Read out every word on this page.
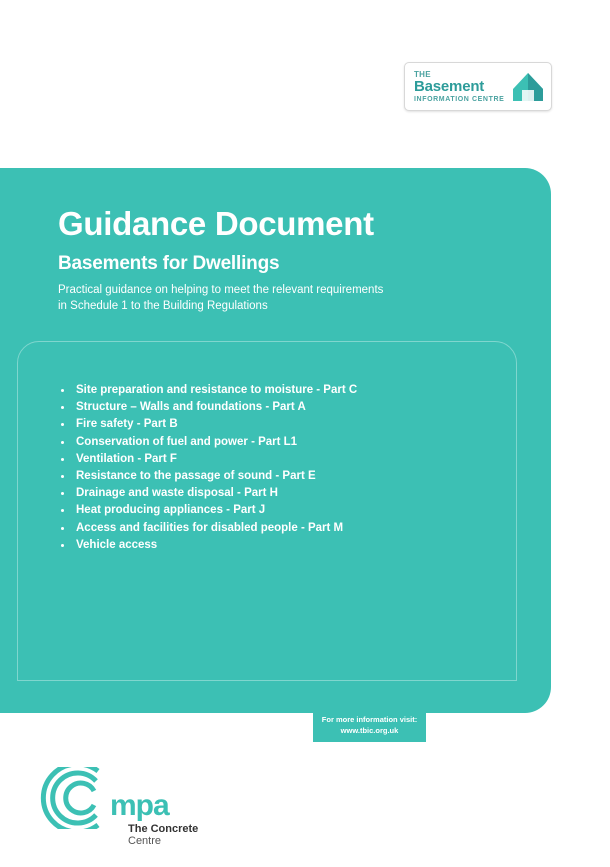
THE
Basement
INFORMATION CENTRE
Guidance Document
Basements for Dwellings
Practical guidance on helping to meet the relevant requirements in Schedule 1 to the Building Regulations
Site preparation and resistance to moisture - Part C
Structure – Walls and foundations - Part A
Fire safety - Part B
Conservation of fuel and power - Part L1
Ventilation - Part F
Resistance to the passage of sound - Part E
Drainage and waste disposal - Part H
Heat producing appliances - Part J
Access and facilities for disabled people - Part M
Vehicle access
For more information visit:
www.tbic.org.uk
mpa
The Concrete Centre
